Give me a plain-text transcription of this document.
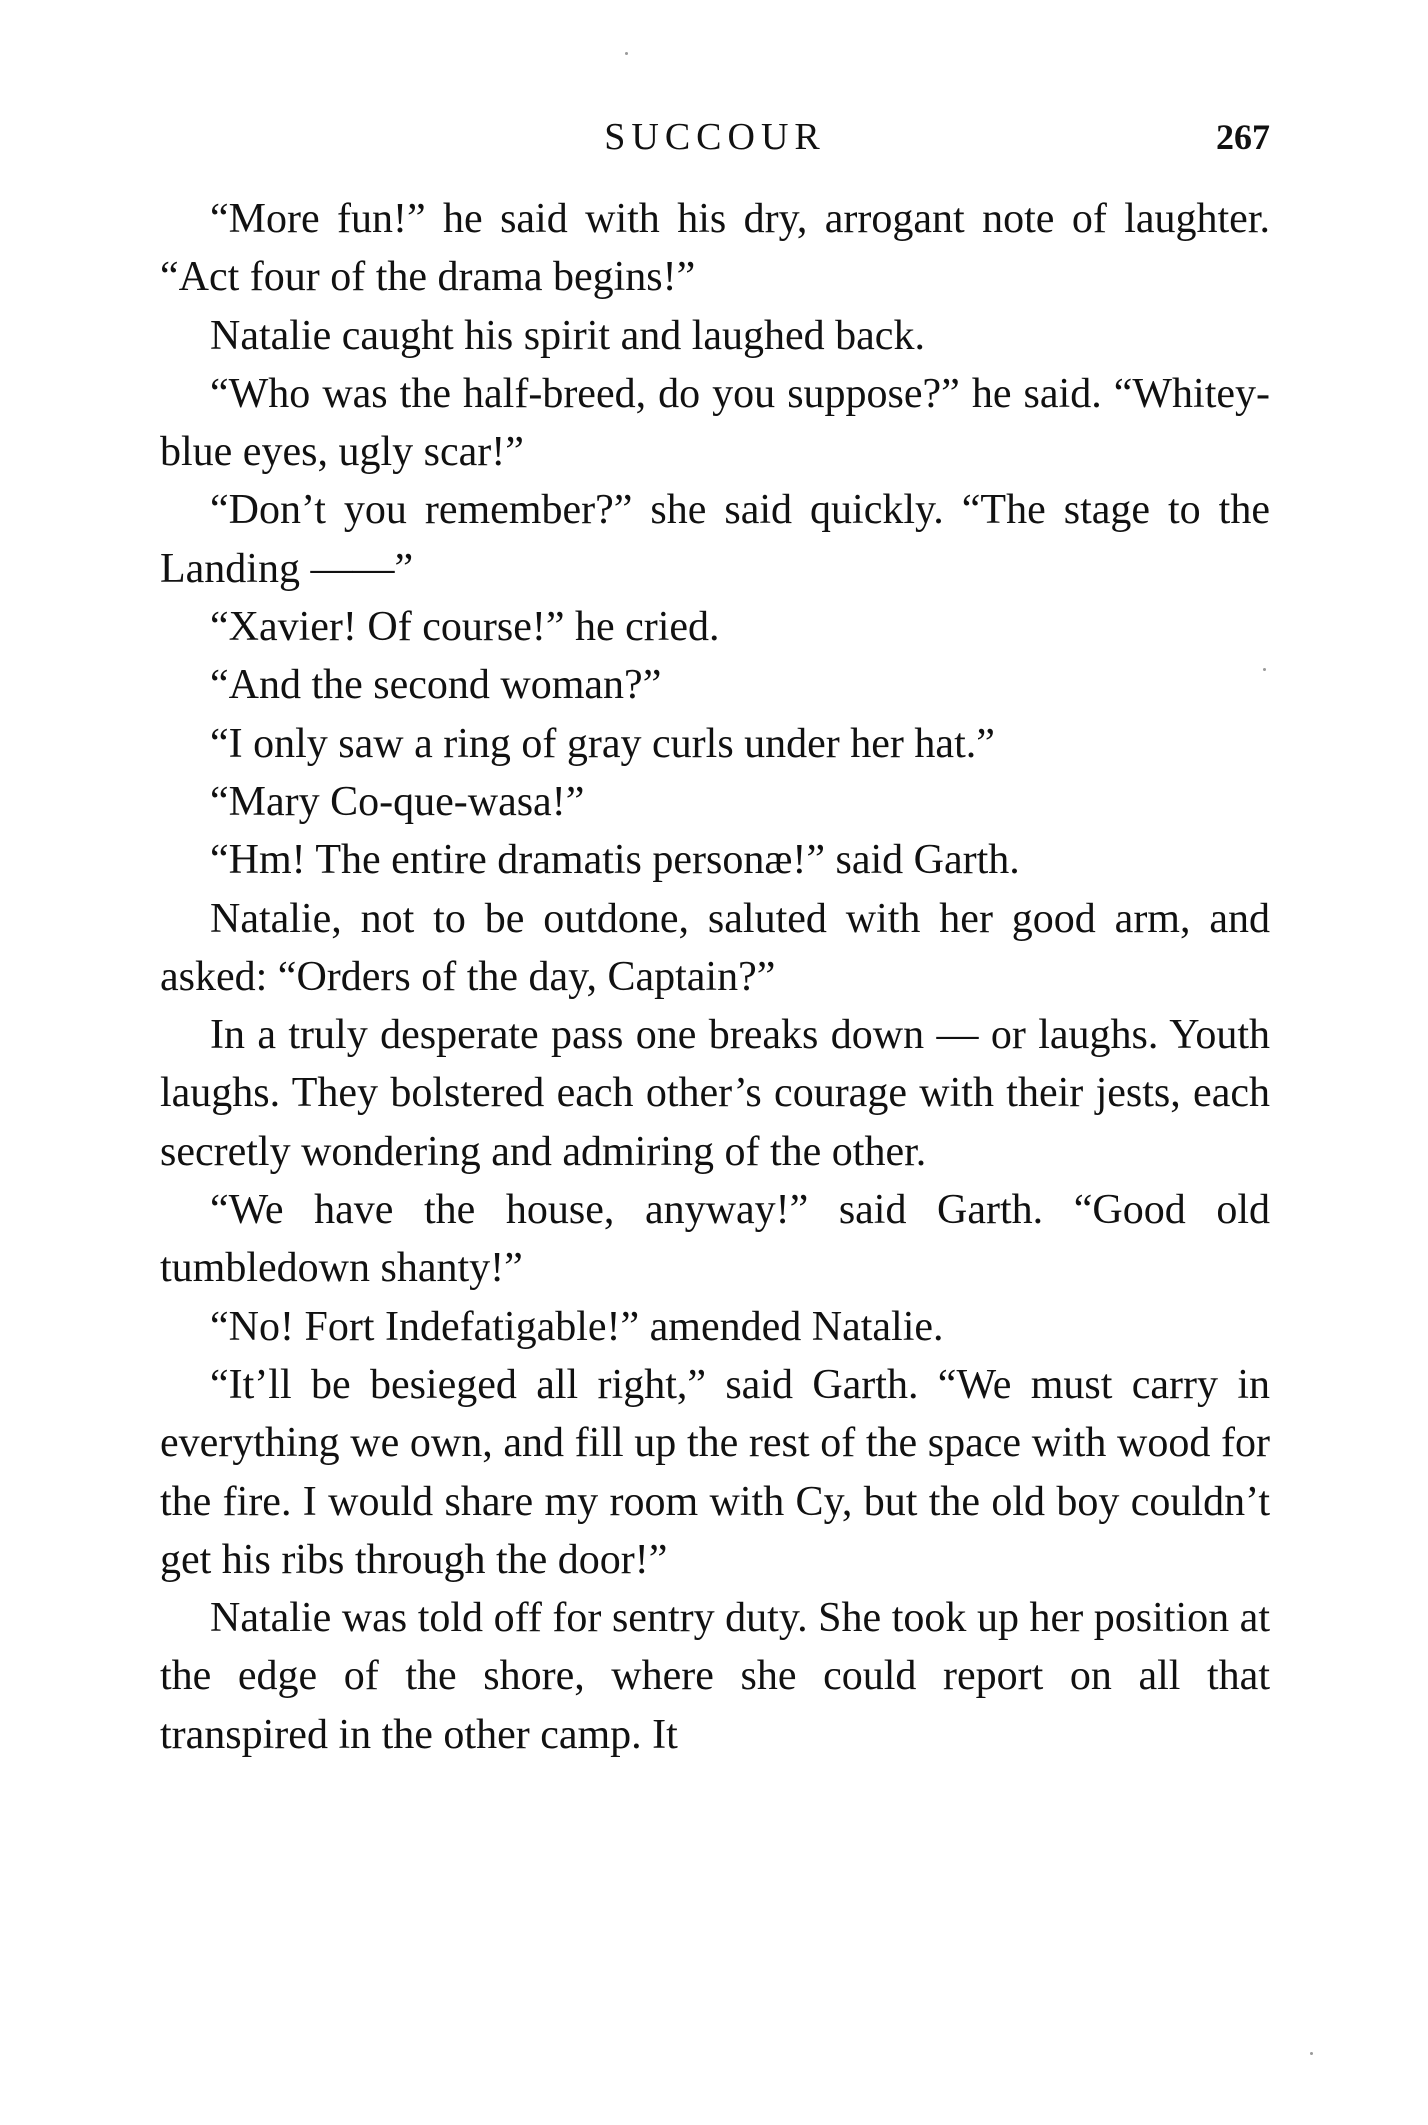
SUCCOUR	267

“More fun!” he said with his dry, arrogant note of laughter. “Act four of the drama begins!”

Natalie caught his spirit and laughed back.

“Who was the half-breed, do you suppose?” he said. “Whitey-blue eyes, ugly scar!”

“Don’t you remember?” she said quickly. “The stage to the Landing ——”

“Xavier! Of course!” he cried.

“And the second woman?”

“I only saw a ring of gray curls under her hat.”

“Mary Co-que-wasa!”

“Hm! The entire dramatis personæ!” said Garth.

Natalie, not to be outdone, saluted with her good arm, and asked: “Orders of the day, Captain?”

In a truly desperate pass one breaks down — or laughs. Youth laughs. They bolstered each other’s courage with their jests, each secretly wondering and admiring of the other.

“We have the house, anyway!” said Garth. “Good old tumbledown shanty!”

“No! Fort Indefatigable!” amended Natalie.

“It’ll be besieged all right,” said Garth. “We must carry in everything we own, and fill up the rest of the space with wood for the fire. I would share my room with Cy, but the old boy couldn’t get his ribs through the door!”

Natalie was told off for sentry duty. She took up her position at the edge of the shore, where she could report on all that transpired in the other camp. It
